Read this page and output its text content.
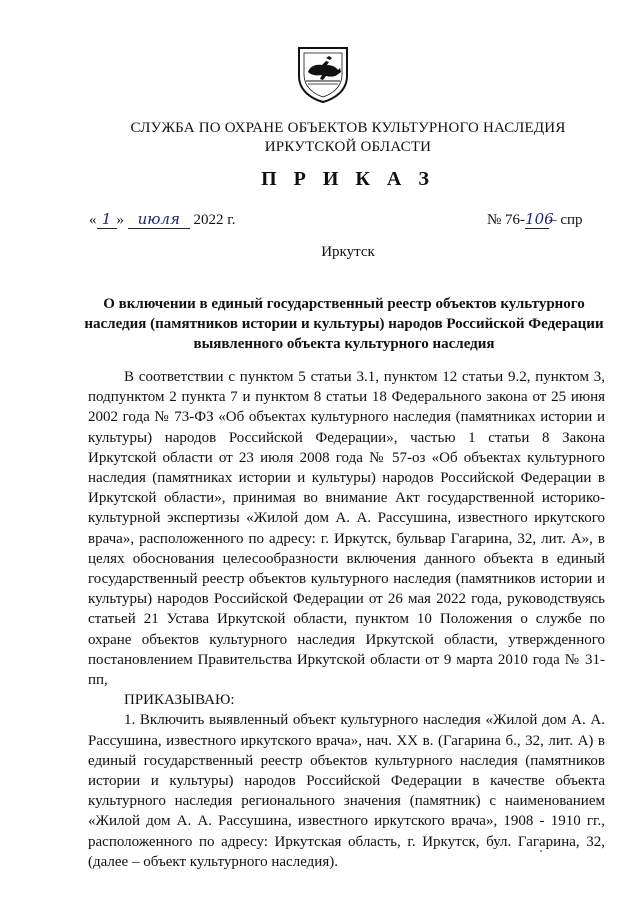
СЛУЖБА ПО ОХРАНЕ ОБЪЕКТОВ КУЛЬТУРНОГО НАСЛЕДИЯ
ИРКУТСКОЙ ОБЛАСТИ
П Р И К А З
« 1 » июля 2022 г.	№ 76-106– спр
Иркутск
О включении в единый государственный реестр объектов культурного наследия (памятников истории и культуры) народов Российской Федерации выявленного объекта культурного наследия

В соответствии с пунктом 5 статьи 3.1, пунктом 12 статьи 9.2, пунктом 3, подпунктом 2 пункта 7 и пунктом 8 статьи 18 Федерального закона от 25 июня 2002 года № 73-ФЗ «Об объектах культурного наследия (памятниках истории и культуры) народов Российской Федерации», частью 1 статьи 8 Закона Иркутской области от 23 июля 2008 года № 57-оз «Об объектах культурного наследия (памятниках истории и культуры) народов Российской Федерации в Иркутской области», принимая во внимание Акт государственной историко-культурной экспертизы «Жилой дом А. А. Рассушина, известного иркутского врача», расположенного по адресу: г. Иркутск, бульвар Гагарина, 32, лит. А», в целях обоснования целесообразности включения данного объекта в единый государственный реестр объектов культурного наследия (памятников истории и культуры) народов Российской Федерации от 26 мая 2022 года, руководствуясь статьей 21 Устава Иркутской области, пунктом 10 Положения о службе по охране объектов культурного наследия Иркутской области, утвержденного постановлением Правительства Иркутской области от 9 марта 2010 года № 31-пп,

ПРИКАЗЫВАЮ:

1. Включить выявленный объект культурного наследия «Жилой дом А. А. Рассушина, известного иркутского врача», нач. XX в. (Гагарина б., 32, лит. А) в единый государственный реестр объектов культурного наследия (памятников истории и культуры) народов Российской Федерации в качестве объекта культурного наследия регионального значения (памятник) с наименованием «Жилой дом А. А. Рассушина, известного иркутского врача», 1908 - 1910 гг., расположенного по адресу: Иркутская область, г. Иркутск, бул. Гагарина, 32, (далее – объект культурного наследия).
